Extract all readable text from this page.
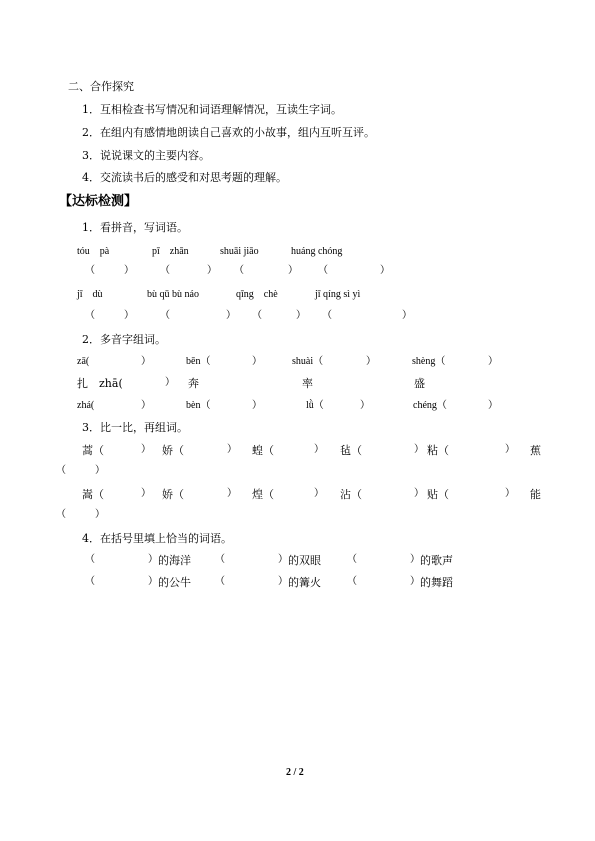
二、合作探究
1．互相检查书写情况和词语理解情况，互读生字词。
2．在组内有感情地朗读自己喜欢的小故事，组内互听互评。
3．说说课文的主要内容。
4．交流读书后的感受和对思考题的理解。
【达标检测】
1．看拼音，写词语。
tóu　pà	pī　zhān	shuāi jiāo	huáng chóng
（	）	（	） （	） （	）
jī　dù	bù qū bù náo	qīng　chè	jī qíng sì yì
（	）	（	） （	） （	）
2．多音字组词。
zā(	）	bēn（	）	shuài（	）	shèng（	）
扎　zhā(	） 奔	率	盛
zhá(	）	bèn（	）	lǜ（	）	chéng（	）
3．比一比，再组词。
蒿（	） 娇（	） 蝗（	） 毡（	） 粘（	） 蕉
（	）
嵩（	） 娇（	） 煌（	） 沾（	） 贴（	） 能
（	）
4．在括号里填上恰当的词语。
（	） 的海洋 （	） 的双眼	（	） 的歌声
（	） 的公牛 （	） 的篝火	（	） 的舞蹈
2 / 2
